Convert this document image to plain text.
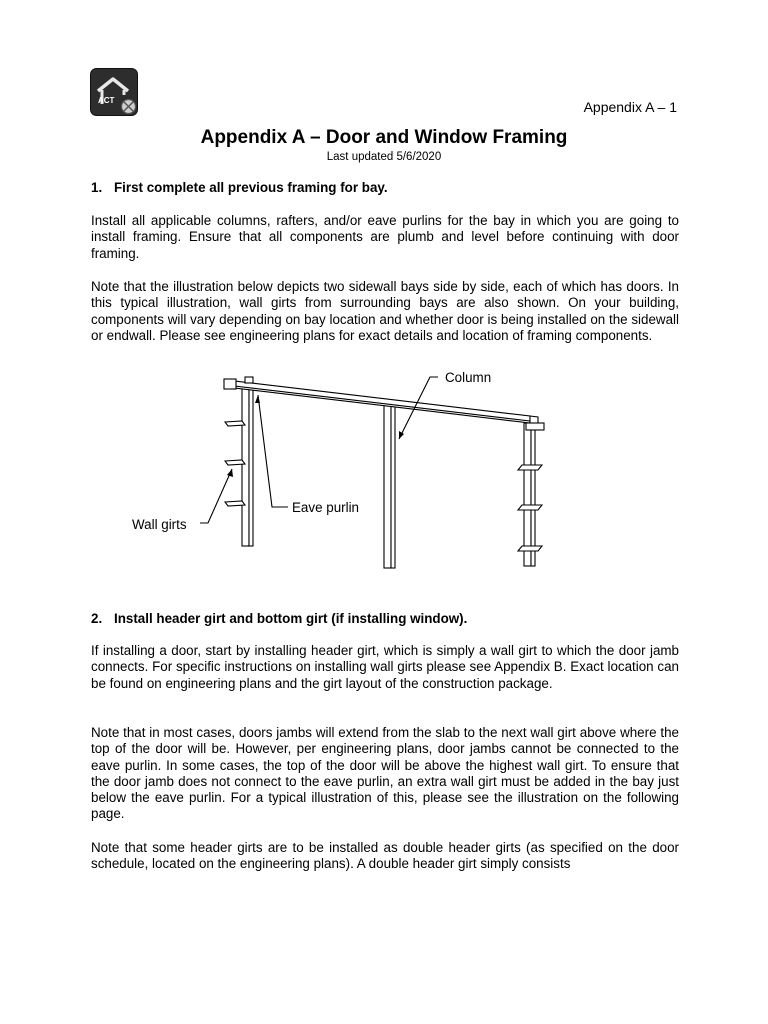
ACT	Appendix A – 1
Appendix A – Door and Window Framing
Last updated 5/6/2020
1. First complete all previous framing for bay.

Install all applicable columns, rafters, and/or eave purlins for the bay in which you are going to install framing. Ensure that all components are plumb and level before continuing with door framing.

Note that the illustration below depicts two sidewall bays side by side, each of which has doors. In this typical illustration, wall girts from surrounding bays are also shown. On your building, components will vary depending on bay location and whether door is being installed on the sidewall or endwall. Please see engineering plans for exact details and location of framing components.

Column
Eave purlin
Wall girts
2. Install header girt and bottom girt (if installing window).

If installing a door, start by installing header girt, which is simply a wall girt to which the door jamb connects. For specific instructions on installing wall girts please see Appendix B. Exact location can be found on engineering plans and the girt layout of the construction package.

Note that in most cases, doors jambs will extend from the slab to the next wall girt above where the top of the door will be. However, per engineering plans, door jambs cannot be connected to the eave purlin. In some cases, the top of the door will be above the highest wall girt. To ensure that the door jamb does not connect to the eave purlin, an extra wall girt must be added in the bay just below the eave purlin. For a typical illustration of this, please see the illustration on the following page.

Note that some header girts are to be installed as double header girts (as specified on the door schedule, located on the engineering plans). A double header girt simply consists
